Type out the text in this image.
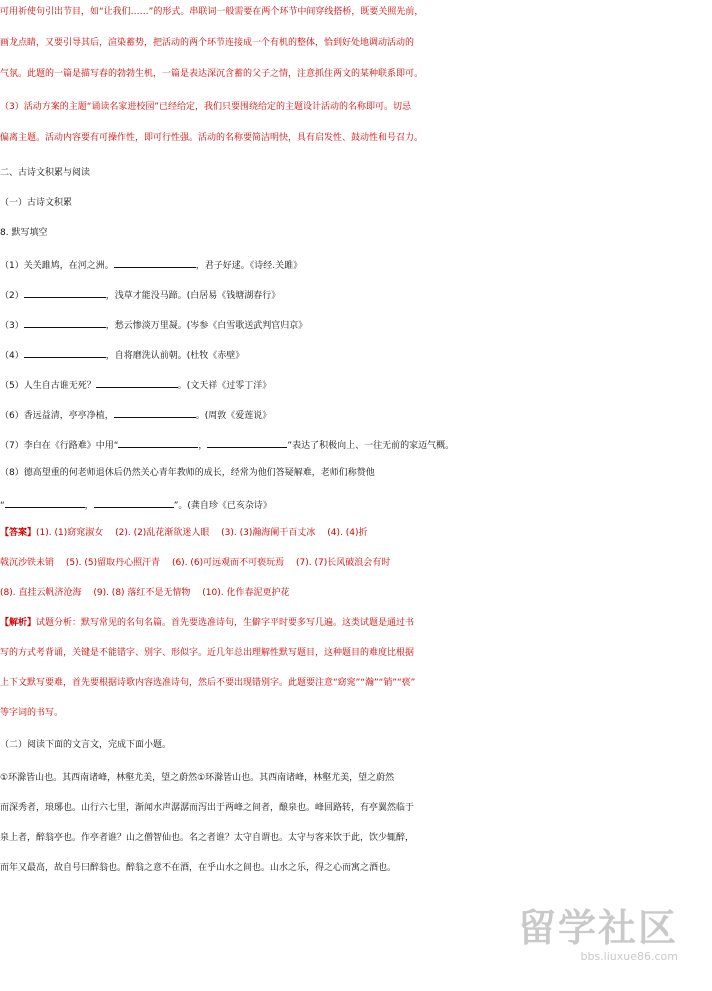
可用祈使句引出节目，如“让我们……”的形式。串联词一般需要在两个环节中间穿线搭桥，既要关照先前，
画龙点睛，又要引导其后，渲染蓄势，把活动的两个环节连接成一个有机的整体，恰到好处地调动活动的
气氛。此题的一篇是描写春的勃勃生机，一篇是表达深沉含蓄的父子之情，注意抓住两文的某种联系即可。
（3）活动方案的主题“诵读名家进校园”已经给定，我们只要围绕给定的主题设计活动的名称即可。切忌
偏离主题。活动内容要有可操作性，即可行性强。活动的名称要简洁明快，具有启发性、鼓动性和号召力。
二、古诗文积累与阅读
（一）古诗文积累
8. 默写填空
（1）关关雎鸠，在河之洲。	，君子好逑。《诗经.关雎》
（2）	，浅草才能没马蹄。(白居易《钱塘湖春行》
（3）	，愁云惨淡万里凝。(岑参《白雪歌送武判官归京》
（4）	，自将磨洗认前朝。(杜牧《赤壁》
（5）人生自古谁无死？	。(文天祥《过零丁洋》
（6）香远益清，亭亭净植，	。(周敦《爱莲说》
（7）李白在《行路难》中用“	，	”表达了积极向上、一往无前的家迈气概。
（8）德高望重的何老师退休后仍然关心青年教师的成长，经常为他们答疑解难，老师们称赞他
“	，	”。(龚自珍《已亥杂诗》
【答案】(1). (1)窈窕淑女　 (2). (2)乱花渐欲迷人眼　 (3). (3)瀚海阑干百丈冰　 (4). (4)折
戟沉沙铁未销　 (5). (5)留取丹心照汗青　 (6). (6)可远观而不可亵玩焉　 (7). (7)长风破浪会有时
(8). 直挂云帆济沧海　 (9). (8) 落红不是无情物　 (10). 化作春泥更护花
【解析】试题分析：默写常见的名句名篇。首先要选准诗句，生僻字平时要多写几遍。这类试题是通过书
写的方式考背诵，关键是不能错字、别字、形似字。近几年总出理解性默写题目，这种题目的难度比根据
上下文默写要难，首先要根据诗歌内容选准诗句，然后不要出现错别字。此题要注意“窈窕”“瀚”“销”“亵”
等字词的书写。
（二）阅读下面的文言文，完成下面小题。
①环滁皆山也。其西南诸峰，林壑尤美，望之蔚然①环滁皆山也。其西南诸峰，林壑尤美，望之蔚然
而深秀者，琅琊也。山行六七里，渐闻水声潺潺而泻出于两峰之间者，酿泉也。峰回路转，有亭翼然临于
泉上者，醉翁亭也。作亭者谁？山之僧智仙也。名之者谁？太守自谓也。太守与客来饮于此，饮少辄醉，
而年又最高，故自号曰醉翁也。醉翁之意不在酒，在乎山水之间也。山水之乐，得之心而寓之酒也。
留学社区
bbs.liuxue86.com
